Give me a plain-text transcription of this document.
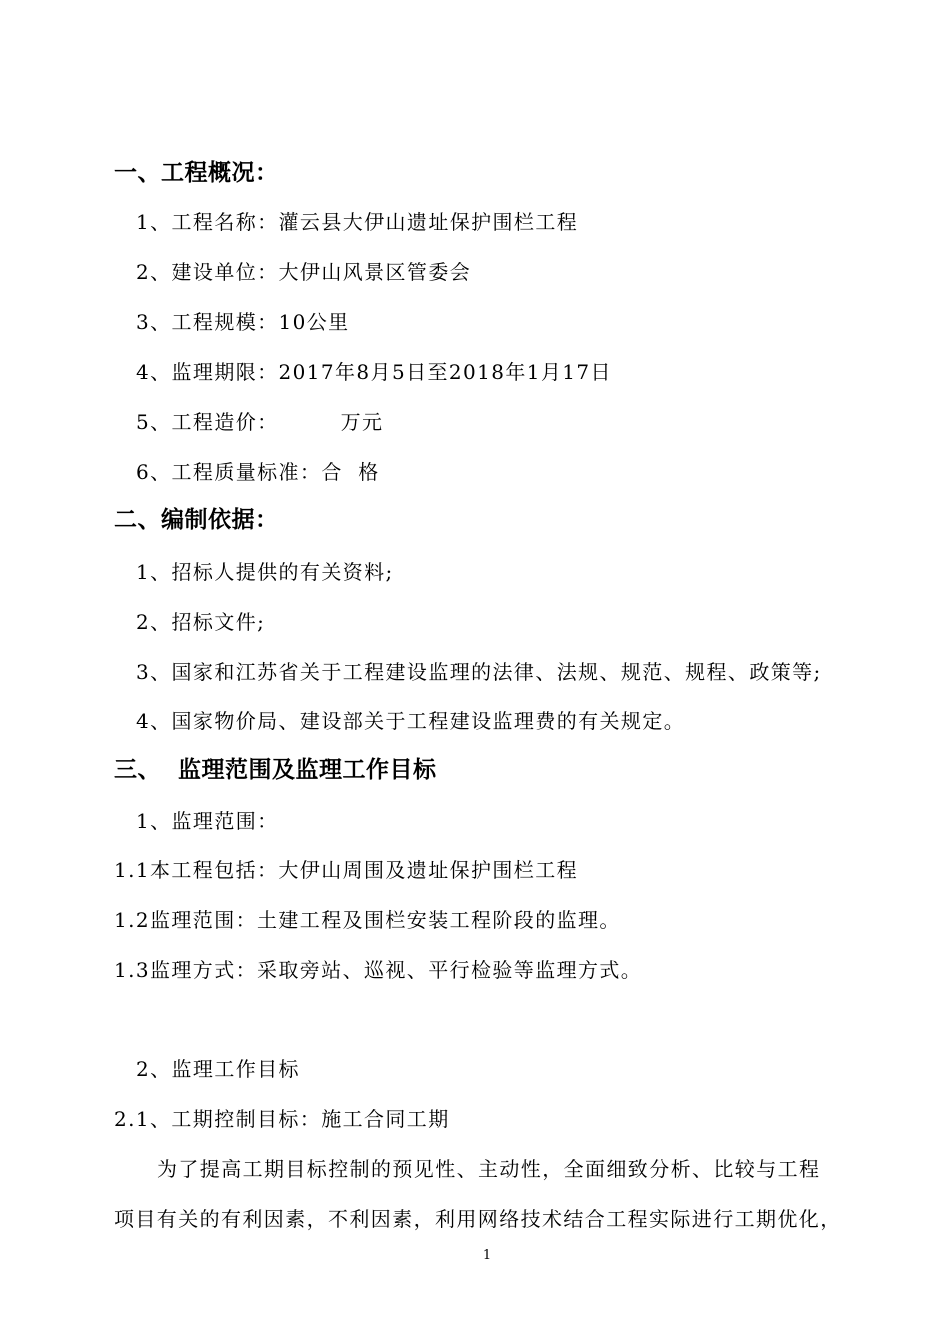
一、工程概况：
1、工程名称：灌云县大伊山遗址保护围栏工程
2、建设单位：大伊山风景区管委会
3、工程规模：10公里
4、监理期限：2017年8月5日至2018年1月17日
5、工程造价：        万元
6、工程质量标准：合  格
二、编制依据：
1、招标人提供的有关资料;
2、招标文件;
3、国家和江苏省关于工程建设监理的法律、法规、规范、规程、政策等;
4、国家物价局、建设部关于工程建设监理费的有关规定。
三、  监理范围及监理工作目标
1、监理范围：
1.1本工程包括：大伊山周围及遗址保护围栏工程
1.2监理范围：土建工程及围栏安装工程阶段的监理。
1.3监理方式：采取旁站、巡视、平行检验等监理方式。
2、监理工作目标
2.1、工期控制目标：施工合同工期
为了提高工期目标控制的预见性、主动性，全面细致分析、比较与工程
项目有关的有利因素，不利因素，利用网络技术结合工程实际进行工期优化，
1
